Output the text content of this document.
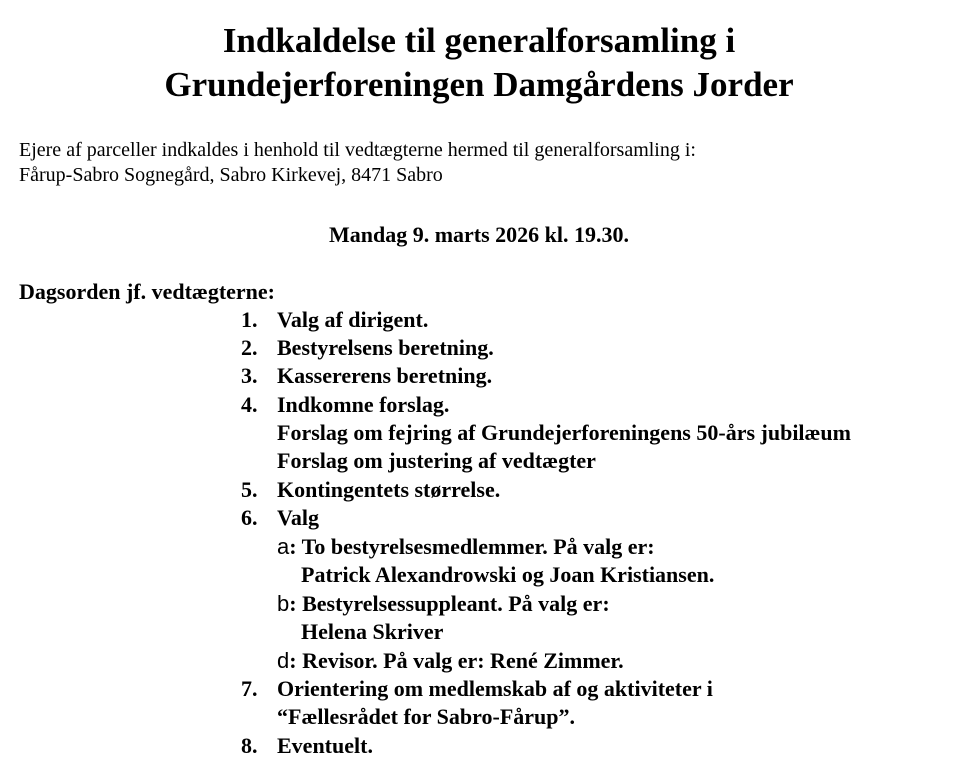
Indkaldelse til generalforsamling i
Grundejerforeningen Damgårdens Jorder
Ejere af parceller indkaldes i henhold til vedtægterne hermed til generalforsamling i:
Fårup-Sabro Sognegård, Sabro Kirkevej, 8471 Sabro
Mandag 9. marts 2026 kl. 19.30.
Dagsorden jf. vedtægterne:
1. Valg af dirigent.
2. Bestyrelsens beretning.
3. Kassererens beretning.
4. Indkomne forslag.
Forslag om fejring af Grundejerforeningens 50-års jubilæum
Forslag om justering af vedtægter
5. Kontingentets størrelse.
6. Valg
a: To bestyrelsesmedlemmer. På valg er:
Patrick Alexandrowski og Joan Kristiansen.
b: Bestyrelsessuppleant. På valg er:
Helena Skriver
d: Revisor. På valg er: René Zimmer.
7. Orientering om medlemskab af og aktiviteter i
“Fællesrådet for Sabro-Fårup”.
8. Eventuelt.
